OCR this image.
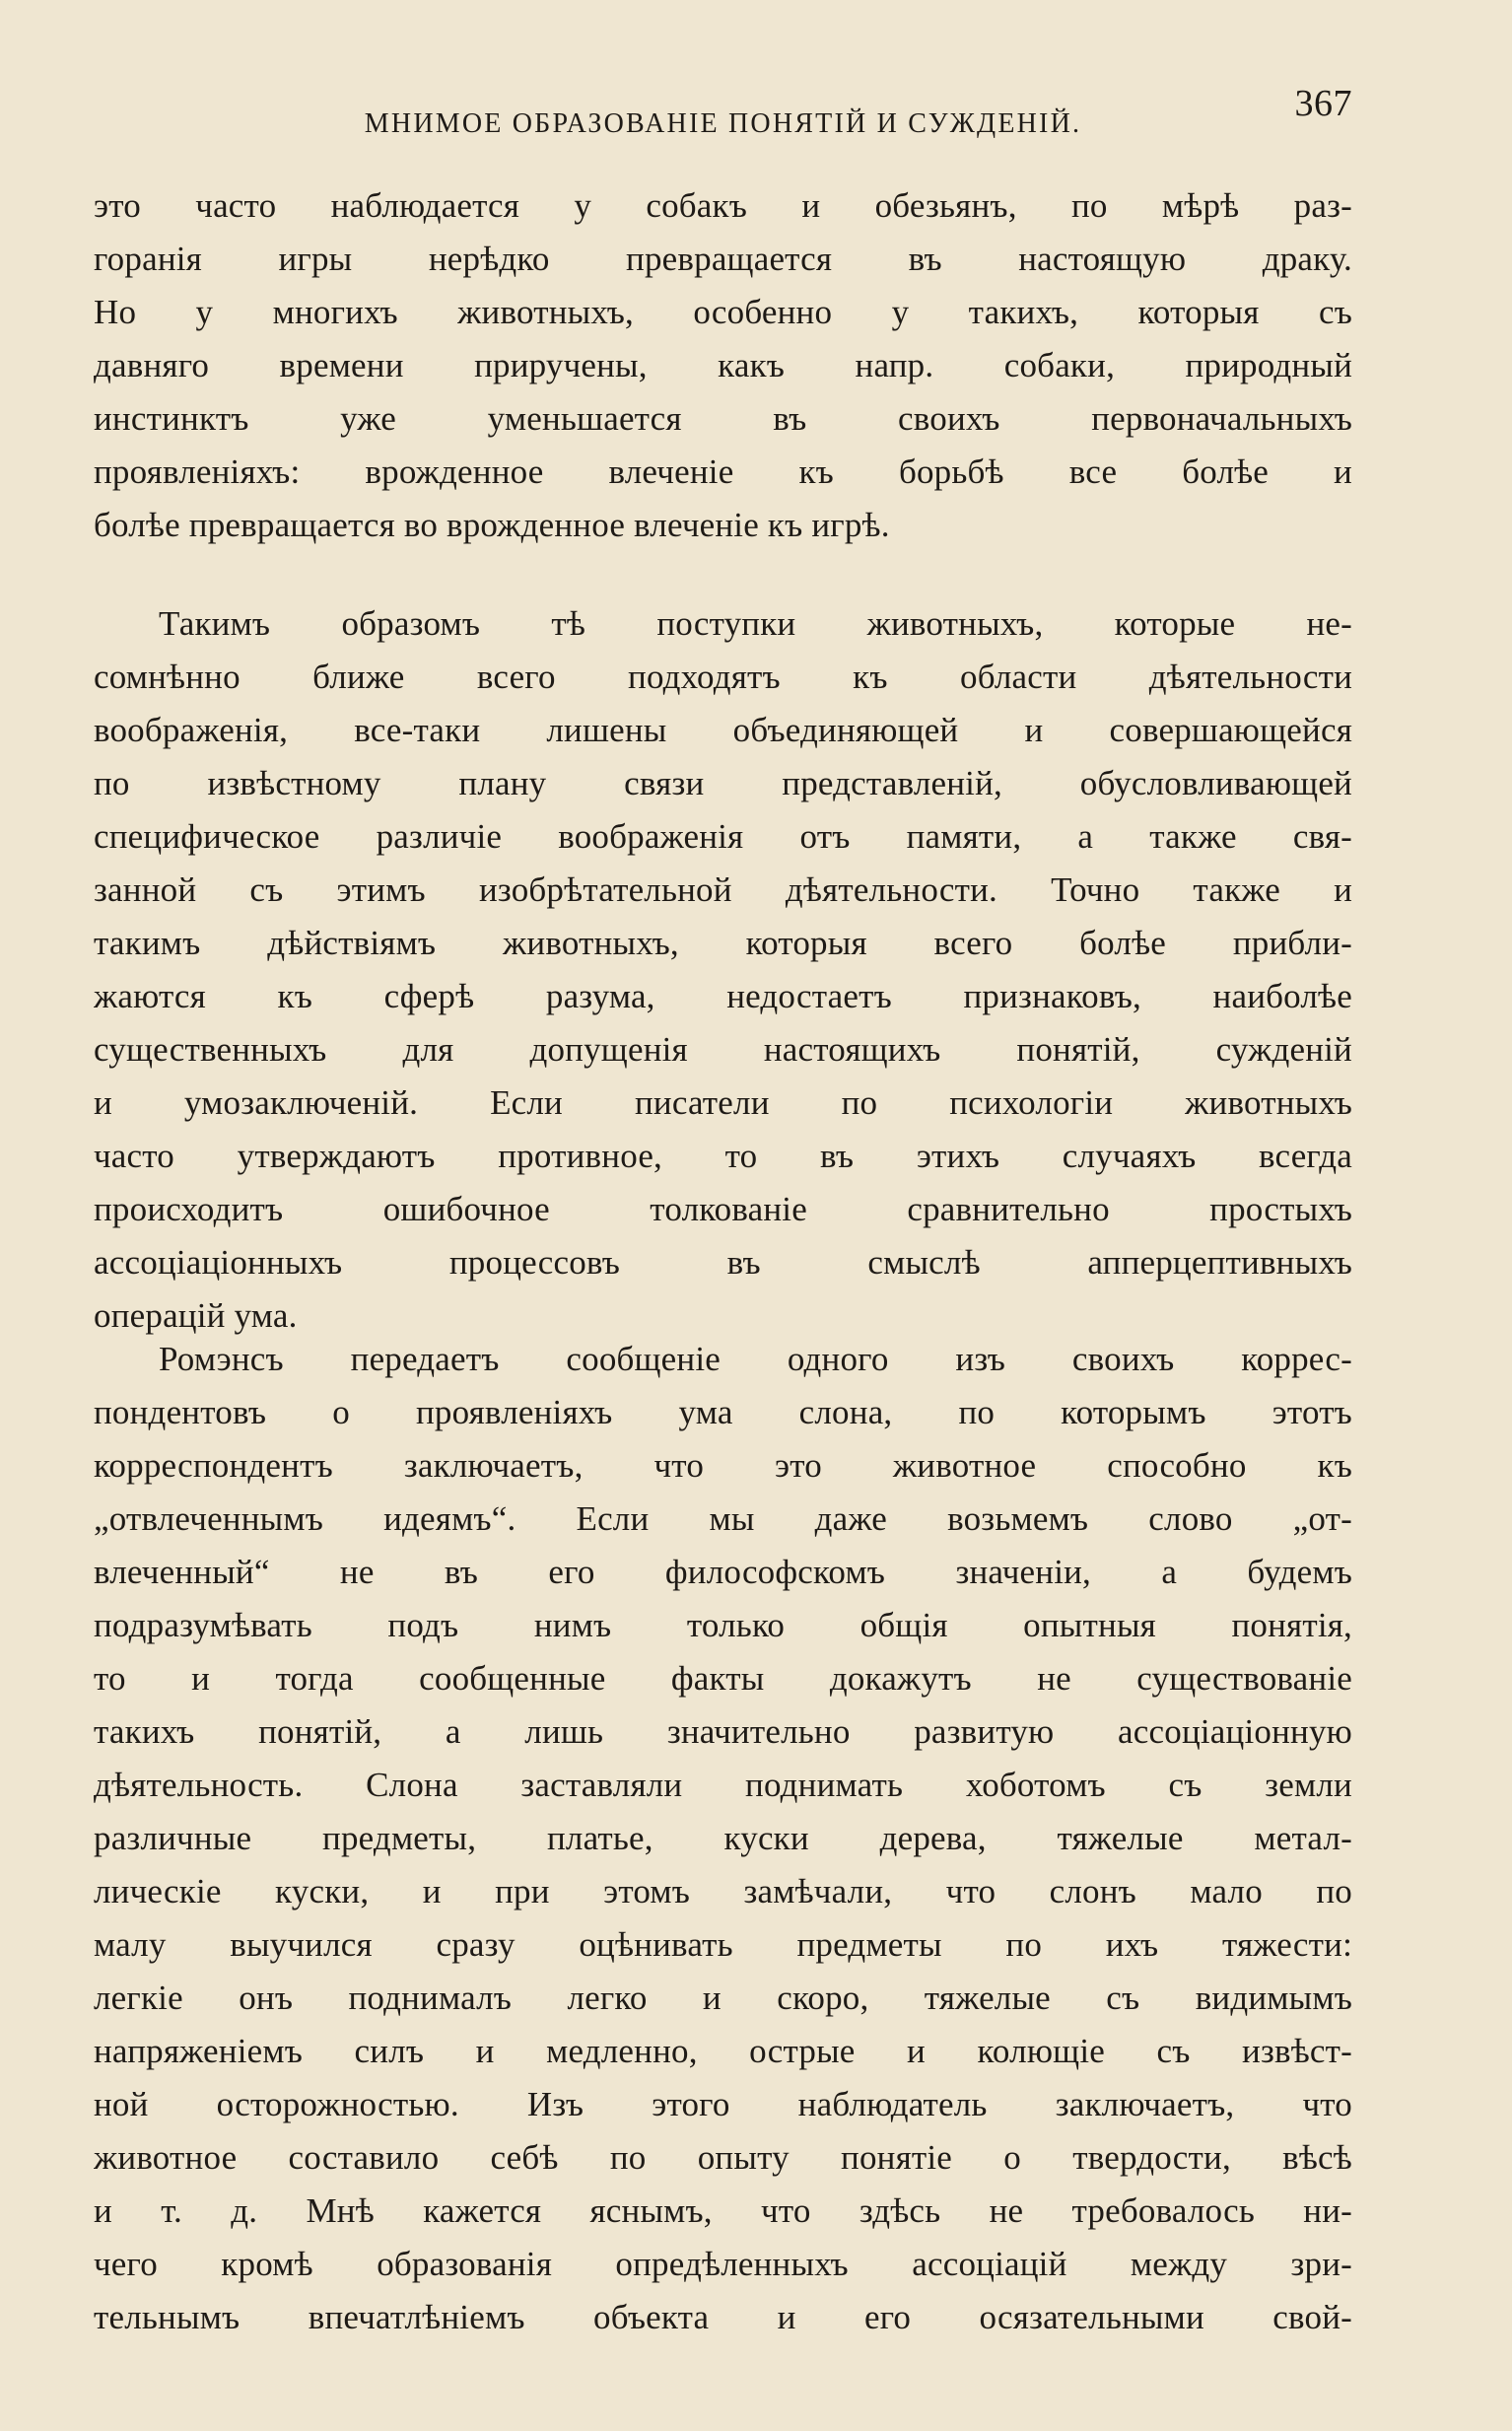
МНИМОЕ ОБРАЗОВАНІЕ ПОНЯТІЙ И СУЖДЕНІЙ.	367
это часто наблюдается у собакъ и обезьянъ, по мѣрѣ раз-
горанія игры нерѣдко превращается въ настоящую драку.
Но у многихъ животныхъ, особенно у такихъ, которыя съ
давняго времени приручены, какъ напр. собаки, природный
инстинктъ уже уменьшается въ своихъ первоначальныхъ
проявленіяхъ: врожденное влеченіе къ борьбѣ все болѣе и
болѣе превращается во врожденное влеченіе къ игрѣ.
Такимъ образомъ тѣ поступки животныхъ, которые не-
сомнѣнно ближе всего подходятъ къ области дѣятельности
воображенія, все-таки лишены объединяющей и совершающейся
по извѣстному плану связи представленій, обусловливающей
специфическое различіе воображенія отъ памяти, а также свя-
занной съ этимъ изобрѣтательной дѣятельности. Точно также и
такимъ дѣйствіямъ животныхъ, которыя всего болѣе прибли-
жаются къ сферѣ разума, недостаетъ признаковъ, наиболѣе
существенныхъ для допущенія настоящихъ понятій, сужденій
и умозаключеній. Если писатели по психологіи животныхъ
часто утверждаютъ противное, то въ этихъ случаяхъ всегда
происходитъ ошибочное толкованіе сравнительно простыхъ
ассоціаціонныхъ процессовъ въ смыслѣ апперцептивныхъ
операцій ума.
Ромэнсъ передаетъ сообщеніе одного изъ своихъ коррес-
пондентовъ о проявленіяхъ ума слона, по которымъ этотъ
корреспондентъ заключаетъ, что это животное способно къ
„отвлеченнымъ идеямъ“. Если мы даже возьмемъ слово „от-
влеченный“ не въ его философскомъ значеніи, а будемъ
подразумѣвать подъ нимъ только общія опытныя понятія,
то и тогда сообщенные факты докажутъ не существованіе
такихъ понятій, а лишь значительно развитую ассоціаціонную
дѣятельность. Слона заставляли поднимать хоботомъ съ земли
различные предметы, платье, куски дерева, тяжелые метал-
лическіе куски, и при этомъ замѣчали, что слонъ мало по
малу выучился сразу оцѣнивать предметы по ихъ тяжести:
легкіе онъ поднималъ легко и скоро, тяжелые съ видимымъ
напряженіемъ силъ и медленно, острые и колющіе съ извѣст-
ной осторожностью. Изъ этого наблюдатель заключаетъ, что
животное составило себѣ по опыту понятіе о твердости, вѣсѣ
и т. д. Мнѣ кажется яснымъ, что здѣсь не требовалось ни-
чего кромѣ образованія опредѣленныхъ ассоціацій между зри-
тельнымъ впечатлѣніемъ объекта и его осязательными свой-
